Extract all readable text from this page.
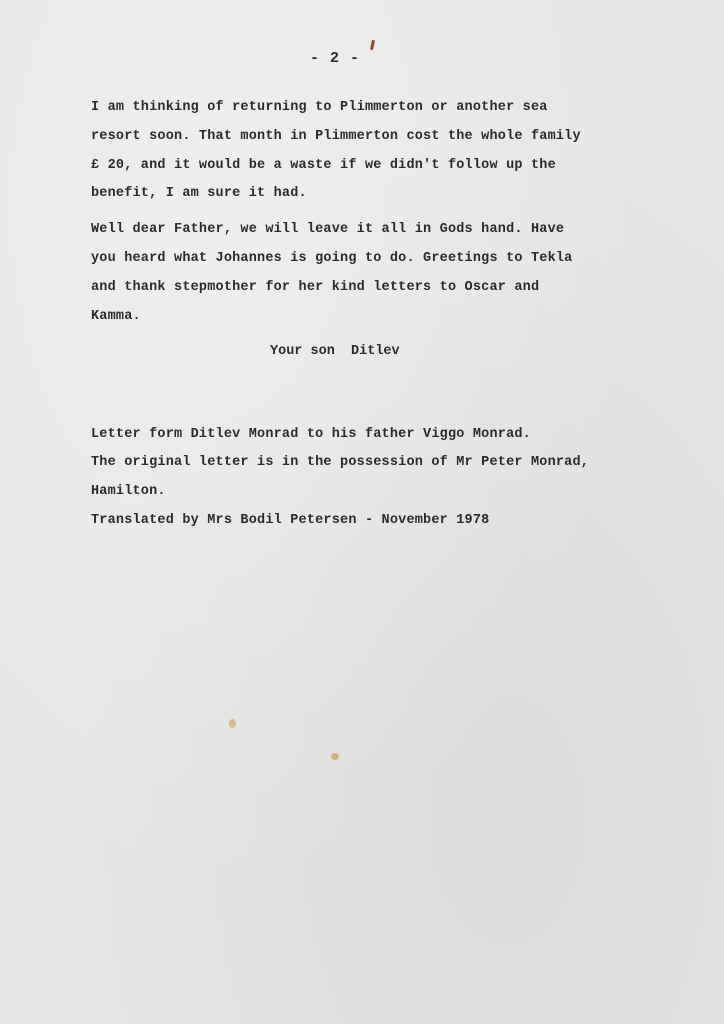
- 2 -
I am thinking of returning to Plimmerton or another sea
resort soon. That month in Plimmerton cost the whole family
£ 20, and it would be a waste if we didn't follow up the
benefit, I am sure it had.
Well dear Father, we will leave it all in Gods hand. Have
you heard what Johannes is going to do. Greetings to Tekla
and thank stepmother for her kind letters to Oscar and
Kamma.
Your son  Ditlev
Letter form Ditlev Monrad to his father Viggo Monrad.
The original letter is in the possession of Mr Peter Monrad,
Hamilton.
Translated by Mrs Bodil Petersen - November 1978
